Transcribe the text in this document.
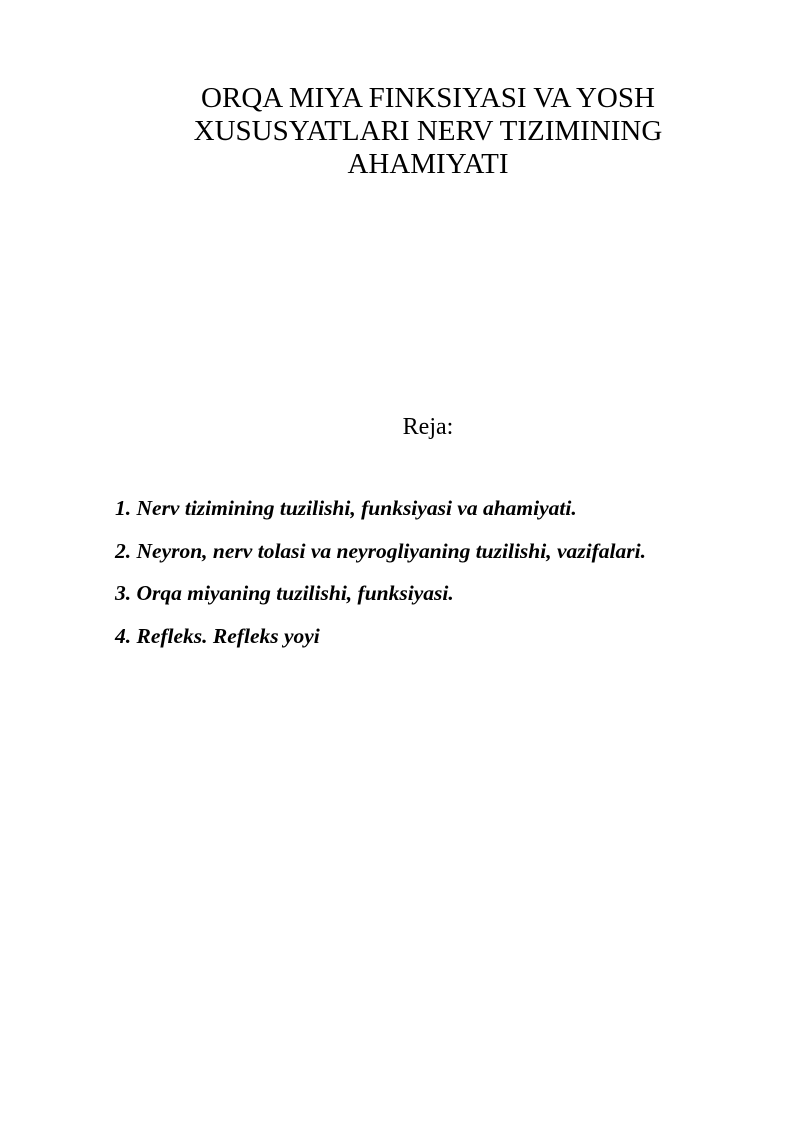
ORQA MIYA FINKSIYASI VA YOSH
XUSUSYATLARI NERV TIZIMINING
AHAMIYATI

Reja:

1. Nerv tizimining tuzilishi, funksiyasi va ahamiyati.
2. Neyron, nerv tolasi va neyrogliyaning tuzilishi, vazifalari.
3. Orqa miyaning tuzilishi, funksiyasi.
4. Refleks. Refleks yoyi
